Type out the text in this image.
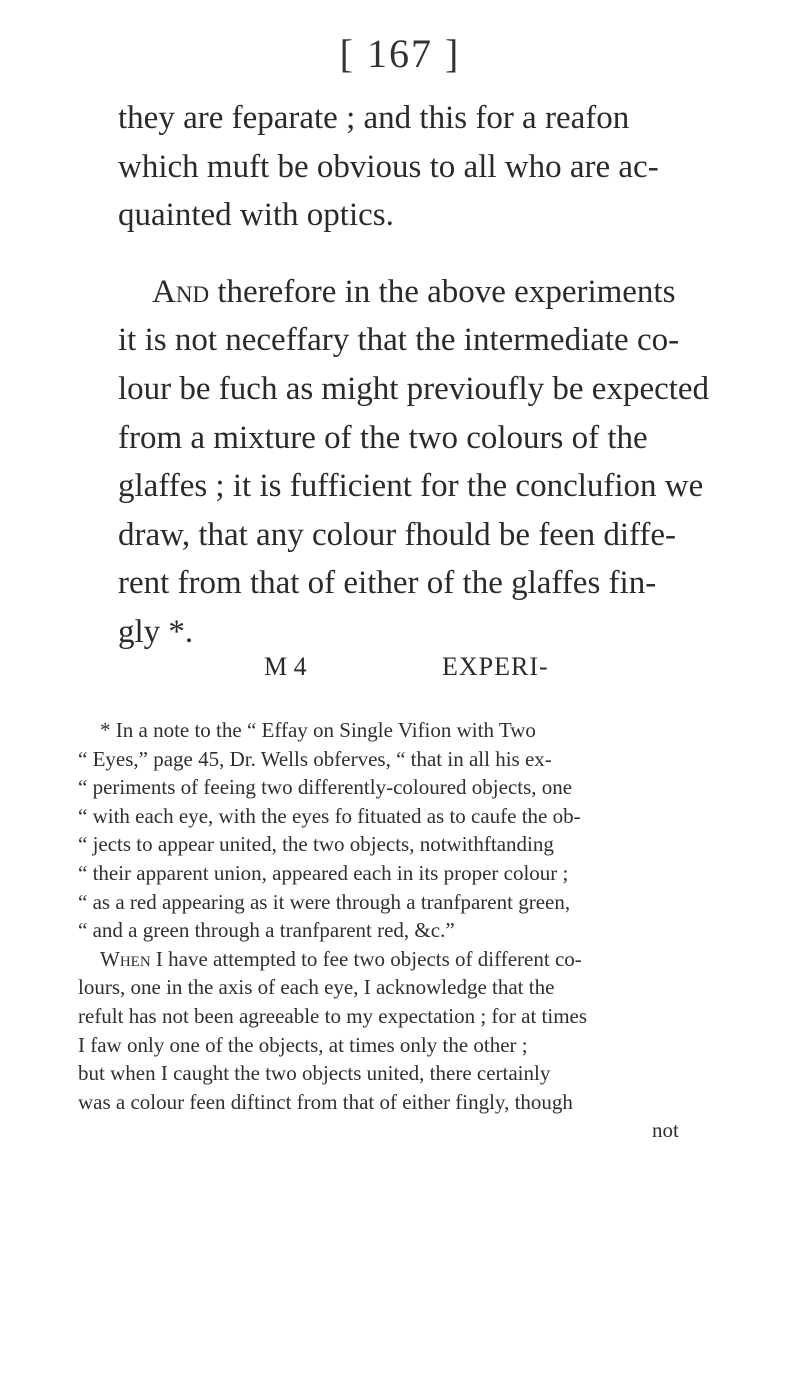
[ 167 ]
they are feparate ; and this for a reafon
which muft be obvious to all who are ac-
quainted with optics.
And therefore in the above experiments
it is not neceffary that the intermediate co-
lour be fuch as might previoufly be expected
from a mixture of the two colours of the
glaffes ; it is fufficient for the conclufion we
draw, that any colour fhould be feen diffe-
rent from that of either of the glaffes fin-
gly *.
M 4	EXPERI-
* In a note to the “ Effay on Single Vifion with Two
“ Eyes,” page 45, Dr. Wells obferves, “ that in all his ex-
“ periments of feeing two differently-coloured objects, one
“ with each eye, with the eyes fo fituated as to caufe the ob-
“ jects to appear united, the two objects, notwithftanding
“ their apparent union, appeared each in its proper colour ;
“ as a red appearing as it were through a tranfparent green,
“ and a green through a tranfparent red, &c.”
When I have attempted to fee two objects of different co-
lours, one in the axis of each eye, I acknowledge that the
refult has not been agreeable to my expectation ; for at times
I faw only one of the objects, at times only the other ;
but when I caught the two objects united, there certainly
was a colour feen diftinct from that of either fingly, though
not
